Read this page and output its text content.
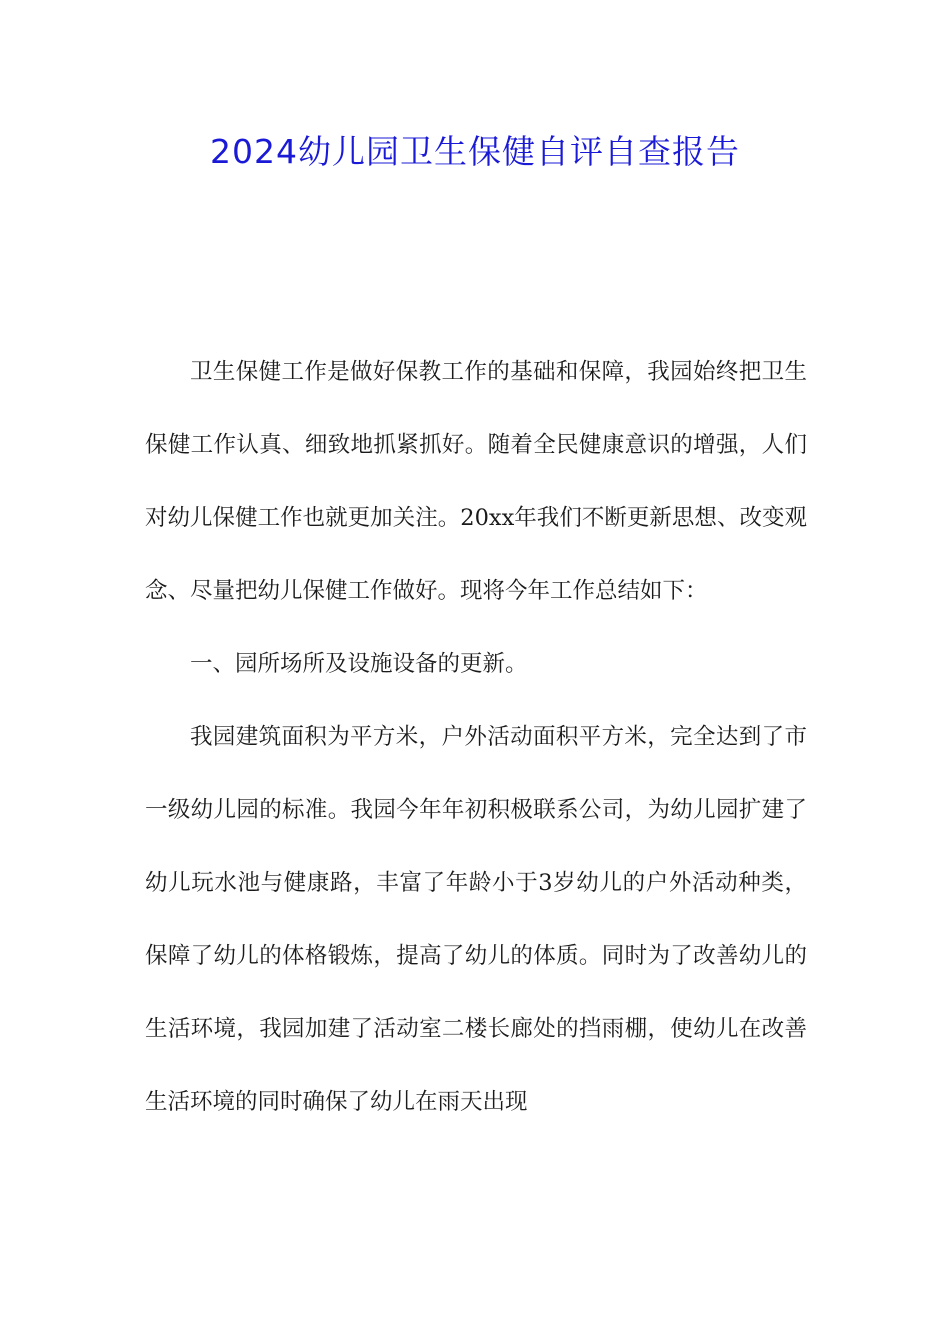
2024幼儿园卫生保健自评自查报告

卫生保健工作是做好保教工作的基础和保障，我园始终把卫生保健工作认真、细致地抓紧抓好。随着全民健康意识的增强，人们对幼儿保健工作也就更加关注。20xx年我们不断更新思想、改变观念、尽量把幼儿保健工作做好。现将今年工作总结如下：

一、园所场所及设施设备的更新。

我园建筑面积为平方米，户外活动面积平方米，完全达到了市一级幼儿园的标准。我园今年年初积极联系公司，为幼儿园扩建了幼儿玩水池与健康路，丰富了年龄小于3岁幼儿的户外活动种类，保障了幼儿的体格锻炼，提高了幼儿的体质。同时为了改善幼儿的生活环境，我园加建了活动室二楼长廊处的挡雨棚，使幼儿在改善生活环境的同时确保了幼儿在雨天出现
